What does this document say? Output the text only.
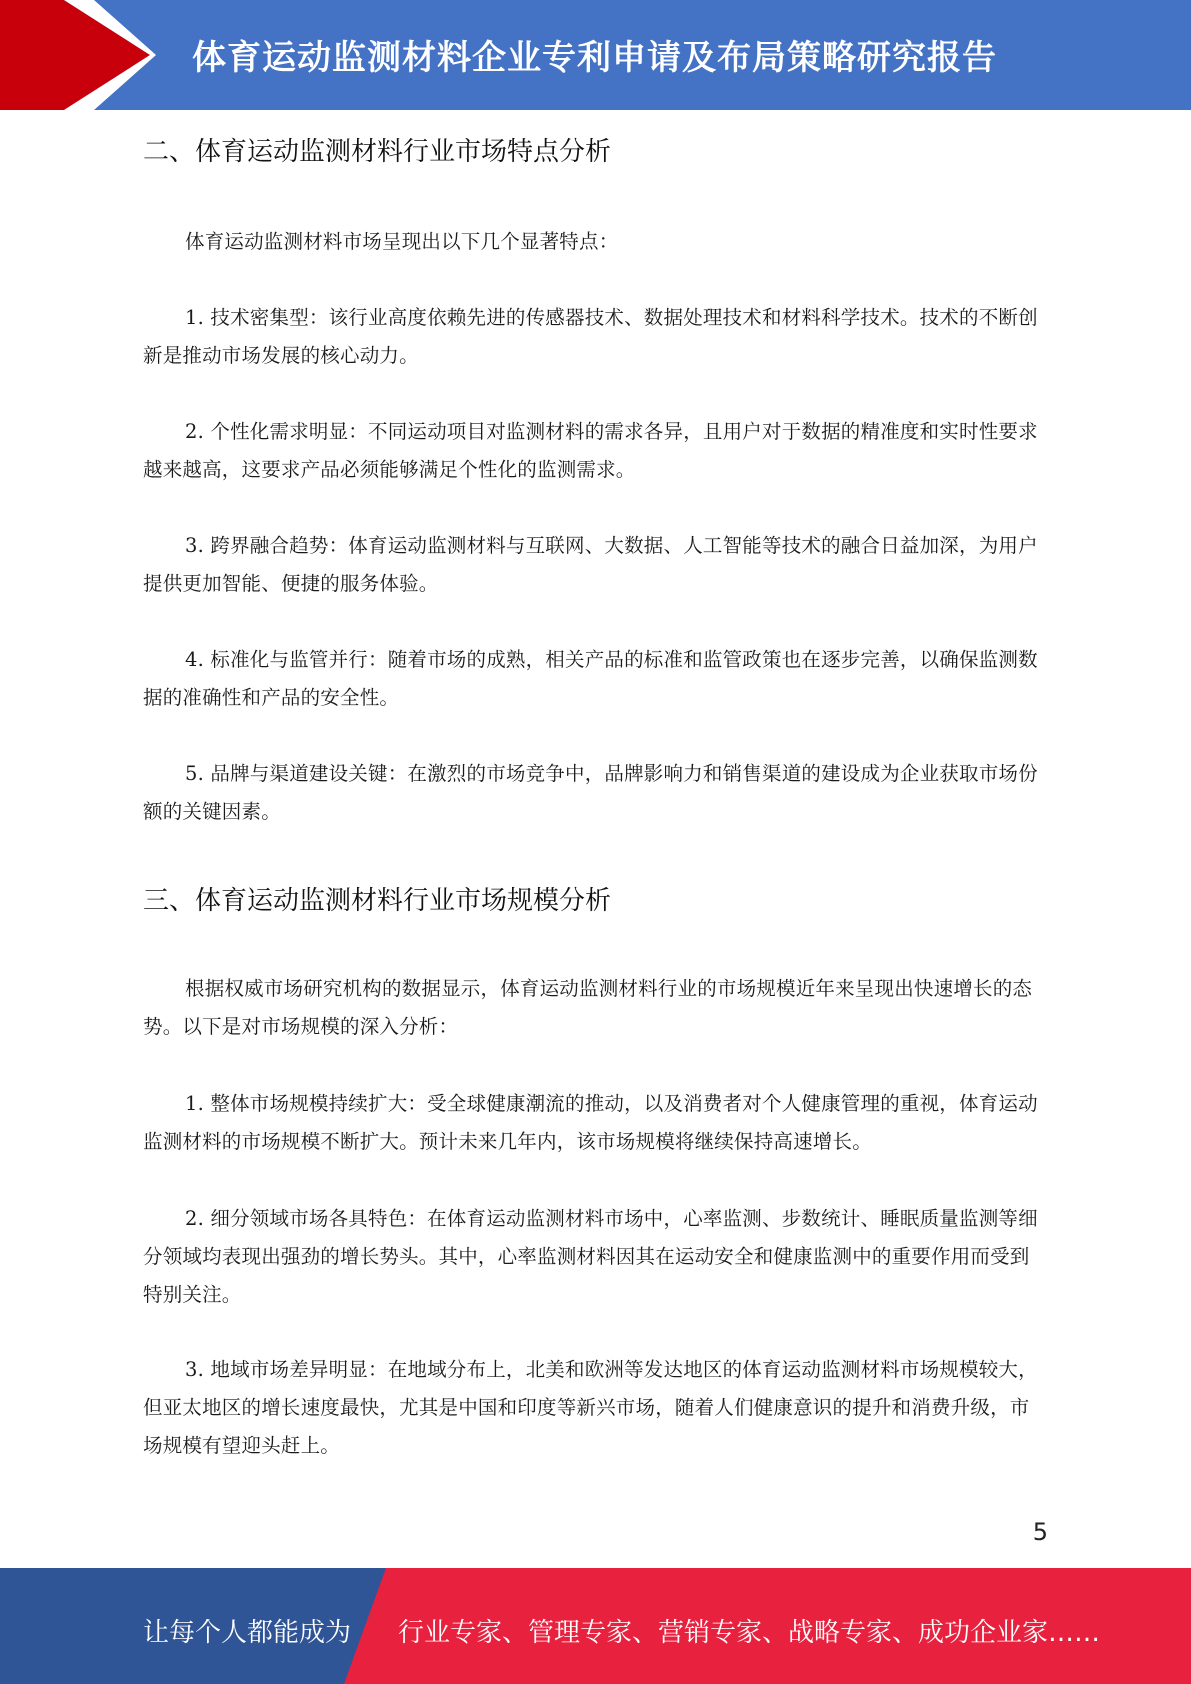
体育运动监测材料企业专利申请及布局策略研究报告
二、体育运动监测材料行业市场特点分析

体育运动监测材料市场呈现出以下几个显著特点：

1. 技术密集型：该行业高度依赖先进的传感器技术、数据处理技术和材料科学技术。技术的不断创新是推动市场发展的核心动力。

2. 个性化需求明显：不同运动项目对监测材料的需求各异，且用户对于数据的精准度和实时性要求越来越高，这要求产品必须能够满足个性化的监测需求。

3. 跨界融合趋势：体育运动监测材料与互联网、大数据、人工智能等技术的融合日益加深，为用户提供更加智能、便捷的服务体验。

4. 标准化与监管并行：随着市场的成熟，相关产品的标准和监管政策也在逐步完善，以确保监测数据的准确性和产品的安全性。

5. 品牌与渠道建设关键：在激烈的市场竞争中，品牌影响力和销售渠道的建设成为企业获取市场份额的关键因素。

三、体育运动监测材料行业市场规模分析

根据权威市场研究机构的数据显示，体育运动监测材料行业的市场规模近年来呈现出快速增长的态势。以下是对市场规模的深入分析：

1. 整体市场规模持续扩大：受全球健康潮流的推动，以及消费者对个人健康管理的重视，体育运动监测材料的市场规模不断扩大。预计未来几年内，该市场规模将继续保持高速增长。

2. 细分领域市场各具特色：在体育运动监测材料市场中，心率监测、步数统计、睡眠质量监测等细分领域均表现出强劲的增长势头。其中，心率监测材料因其在运动安全和健康监测中的重要作用而受到特别关注。

3. 地域市场差异明显：在地域分布上，北美和欧洲等发达地区的体育运动监测材料市场规模较大，但亚太地区的增长速度最快，尤其是中国和印度等新兴市场，随着人们健康意识的提升和消费升级，市场规模有望迎头赶上。

5
让每个人都能成为 行业专家、管理专家、营销专家、战略专家、成功企业家……
